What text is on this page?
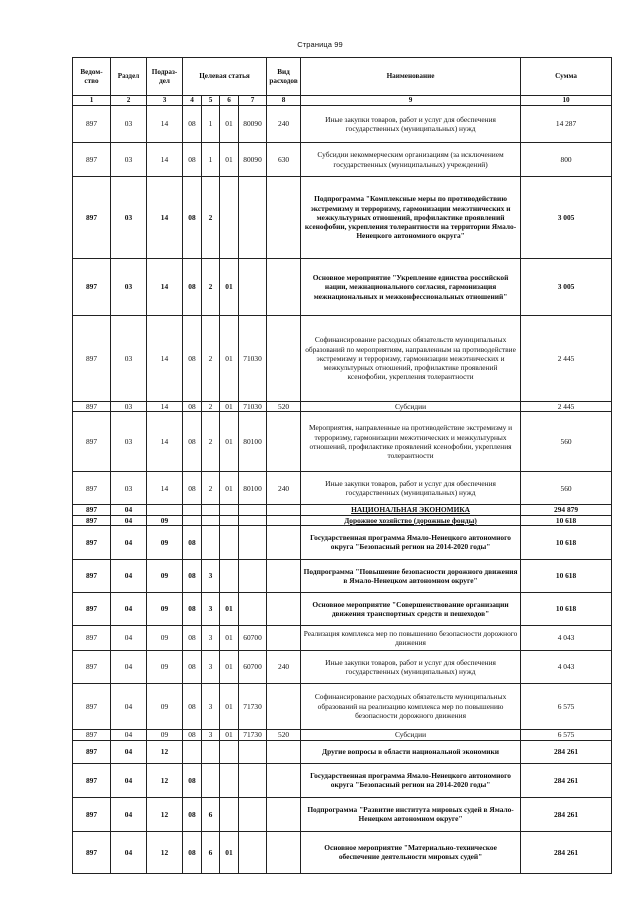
Страница 99
Ведом-ство	Раздел	Подраз-дел	Целевая статья				Вид расходов	Наименование	Сумма
1	2	3	4	5	6	7	8	9	10
897	03	14	08	1	01	80090	240	Иные закупки товаров, работ и услуг для обеспечения государственных (муниципальных) нужд	14 287
897	03	14	08	1	01	80090	630	Субсидии некоммерческим организациям (за исключением государственных (муниципальных) учреждений)	800
897	03	14	08	2				Подпрограмма "Комплексные меры по противодействию экстремизму и терроризму, гармонизации межэтнических и межкультурных отношений, профилактике проявлений ксенофобии, укрепления толерантности на территории Ямало-Ненецкого автономного округа"	3 005
897	03	14	08	2	01			Основное мероприятие "Укрепление единства российской нации, межнационального согласия, гармонизация межнациональных и межконфессиональных отношений"	3 005
897	03	14	08	2	01	71030		Софинансирование расходных обязательств муниципальных образований по мероприятиям, направленным на противодействие экстремизму и терроризму, гармонизации межэтнических и межкультурных отношений, профилактике проявлений ксенофобии, укрепления толерантности	2 445
897	03	14	08	2	01	71030	520	Субсидии	2 445
897	03	14	08	2	01	80100		Мероприятия, направленные на противодействие экстремизму и терроризму, гармонизации межэтнических и межкультурных отношений, профилактике проявлений ксенофобии, укрепления толерантности	560
897	03	14	08	2	01	80100	240	Иные закупки товаров, работ и услуг для обеспечения государственных (муниципальных) нужд	560
897	04							НАЦИОНАЛЬНАЯ ЭКОНОМИКА	294 879
897	04	09						Дорожное хозяйство (дорожные фонды)	10 618
897	04	09	08					Государственная программа Ямало-Ненецкого автономного округа "Безопасный регион на 2014-2020 годы"	10 618
897	04	09	08	3				Подпрограмма "Повышение безопасности дорожного движения в Ямало-Ненецком автономном округе"	10 618
897	04	09	08	3	01			Основное мероприятие "Совершенствование организации движения транспортных средств и пешеходов"	10 618
897	04	09	08	3	01	60700		Реализация комплекса мер по повышению безопасности дорожного движения	4 043
897	04	09	08	3	01	60700	240	Иные закупки товаров, работ и услуг для обеспечения государственных (муниципальных) нужд	4 043
897	04	09	08	3	01	71730		Софинансирование расходных обязательств муниципальных образований на реализацию комплекса мер по повышению безопасности дорожного движения	6 575
897	04	09	08	3	01	71730	520	Субсидии	6 575
897	04	12						Другие вопросы в области национальной экономики	284 261
897	04	12	08					Государственная программа Ямало-Ненецкого автономного округа "Безопасный регион на 2014-2020 годы"	284 261
897	04	12	08	6				Подпрограмма "Развитие института мировых судей в Ямало-Ненецком автономном округе"	284 261
897	04	12	08	6	01			Основное мероприятие "Материально-техническое обеспечение деятельности мировых судей"	284 261
